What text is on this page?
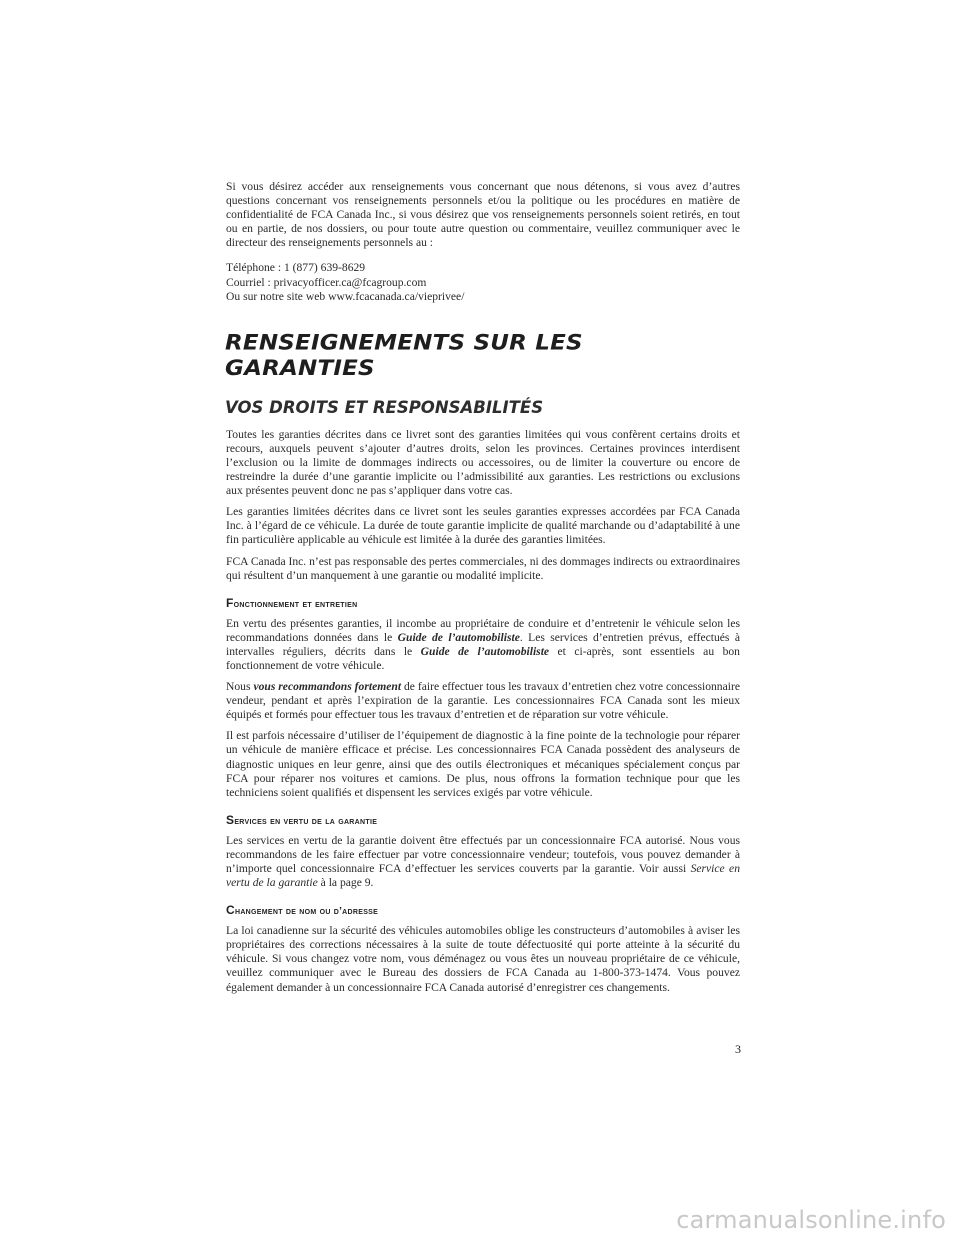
Si vous désirez accéder aux renseignements vous concernant que nous détenons, si vous avez d’autres questions concernant vos renseignements personnels et/ou la politique ou les procédures en matière de confidentialité de FCA Canada Inc., si vous désirez que vos renseignements personnels soient retirés, en tout ou en partie, de nos dossiers, ou pour toute autre question ou commentaire, veuillez communiquer avec le directeur des renseignements personnels au :

Téléphone : 1 (877) 639-8629

Courriel : privacyofficer.ca@fcagroup.com

Ou sur notre site web www.fcacanada.ca/vieprivee/

RENSEIGNEMENTS SUR LES GARANTIES
VOS DROITS ET RESPONSABILITÉS

Toutes les garanties décrites dans ce livret sont des garanties limitées qui vous confèrent certains droits et recours, auxquels peuvent s’ajouter d’autres droits, selon les provinces. Certaines provinces interdisent l’exclusion ou la limite de dommages indirects ou accessoires, ou de limiter la couverture ou encore de restreindre la durée d’une garantie implicite ou l’admissibilité aux garanties. Les restrictions ou exclusions aux présentes peuvent donc ne pas s’appliquer dans votre cas.

Les garanties limitées décrites dans ce livret sont les seules garanties expresses accordées par FCA Canada Inc. à l’égard de ce véhicule. La durée de toute garantie implicite de qualité marchande ou d’adaptabilité à une fin particulière applicable au véhicule est limitée à la durée des garanties limitées.

FCA Canada Inc. n’est pas responsable des pertes commerciales, ni des dommages indirects ou extraordinaires qui résultent d’un manquement à une garantie ou modalité implicite.

Fonctionnement et entretien

En vertu des présentes garanties, il incombe au propriétaire de conduire et d’entretenir le véhicule selon les recommandations données dans le Guide de l’automobiliste. Les services d’entretien prévus, effectués à intervalles réguliers, décrits dans le Guide de l’automobiliste et ci-après, sont essentiels au bon fonctionnement de votre véhicule.

Nous vous recommandons fortement de faire effectuer tous les travaux d’entretien chez votre concessionnaire vendeur, pendant et après l’expiration de la garantie. Les concessionnaires FCA Canada sont les mieux équipés et formés pour effectuer tous les travaux d’entretien et de réparation sur votre véhicule.

Il est parfois nécessaire d’utiliser de l’équipement de diagnostic à la fine pointe de la technologie pour réparer un véhicule de manière efficace et précise. Les concessionnaires FCA Canada possèdent des analyseurs de diagnostic uniques en leur genre, ainsi que des outils électroniques et mécaniques spécialement conçus par FCA pour réparer nos voitures et camions. De plus, nous offrons la formation technique pour que les techniciens soient qualifiés et dispensent les services exigés par votre véhicule.

Services en vertu de la garantie

Les services en vertu de la garantie doivent être effectués par un concessionnaire FCA autorisé. Nous vous recommandons de les faire effectuer par votre concessionnaire vendeur; toutefois, vous pouvez demander à n’importe quel concessionnaire FCA d’effectuer les services couverts par la garantie. Voir aussi Service en vertu de la garantie à la page 9.

Changement de nom ou d’adresse

La loi canadienne sur la sécurité des véhicules automobiles oblige les constructeurs d’automobiles à aviser les propriétaires des corrections nécessaires à la suite de toute défectuosité qui porte atteinte à la sécurité du véhicule. Si vous changez votre nom, vous déménagez ou vous êtes un nouveau propriétaire de ce véhicule, veuillez communiquer avec le Bureau des dossiers de FCA Canada au 1-800-373-1474. Vous pouvez également demander à un concessionnaire FCA Canada autorisé d’enregistrer ces changements.

3
carmanualsonline.info
